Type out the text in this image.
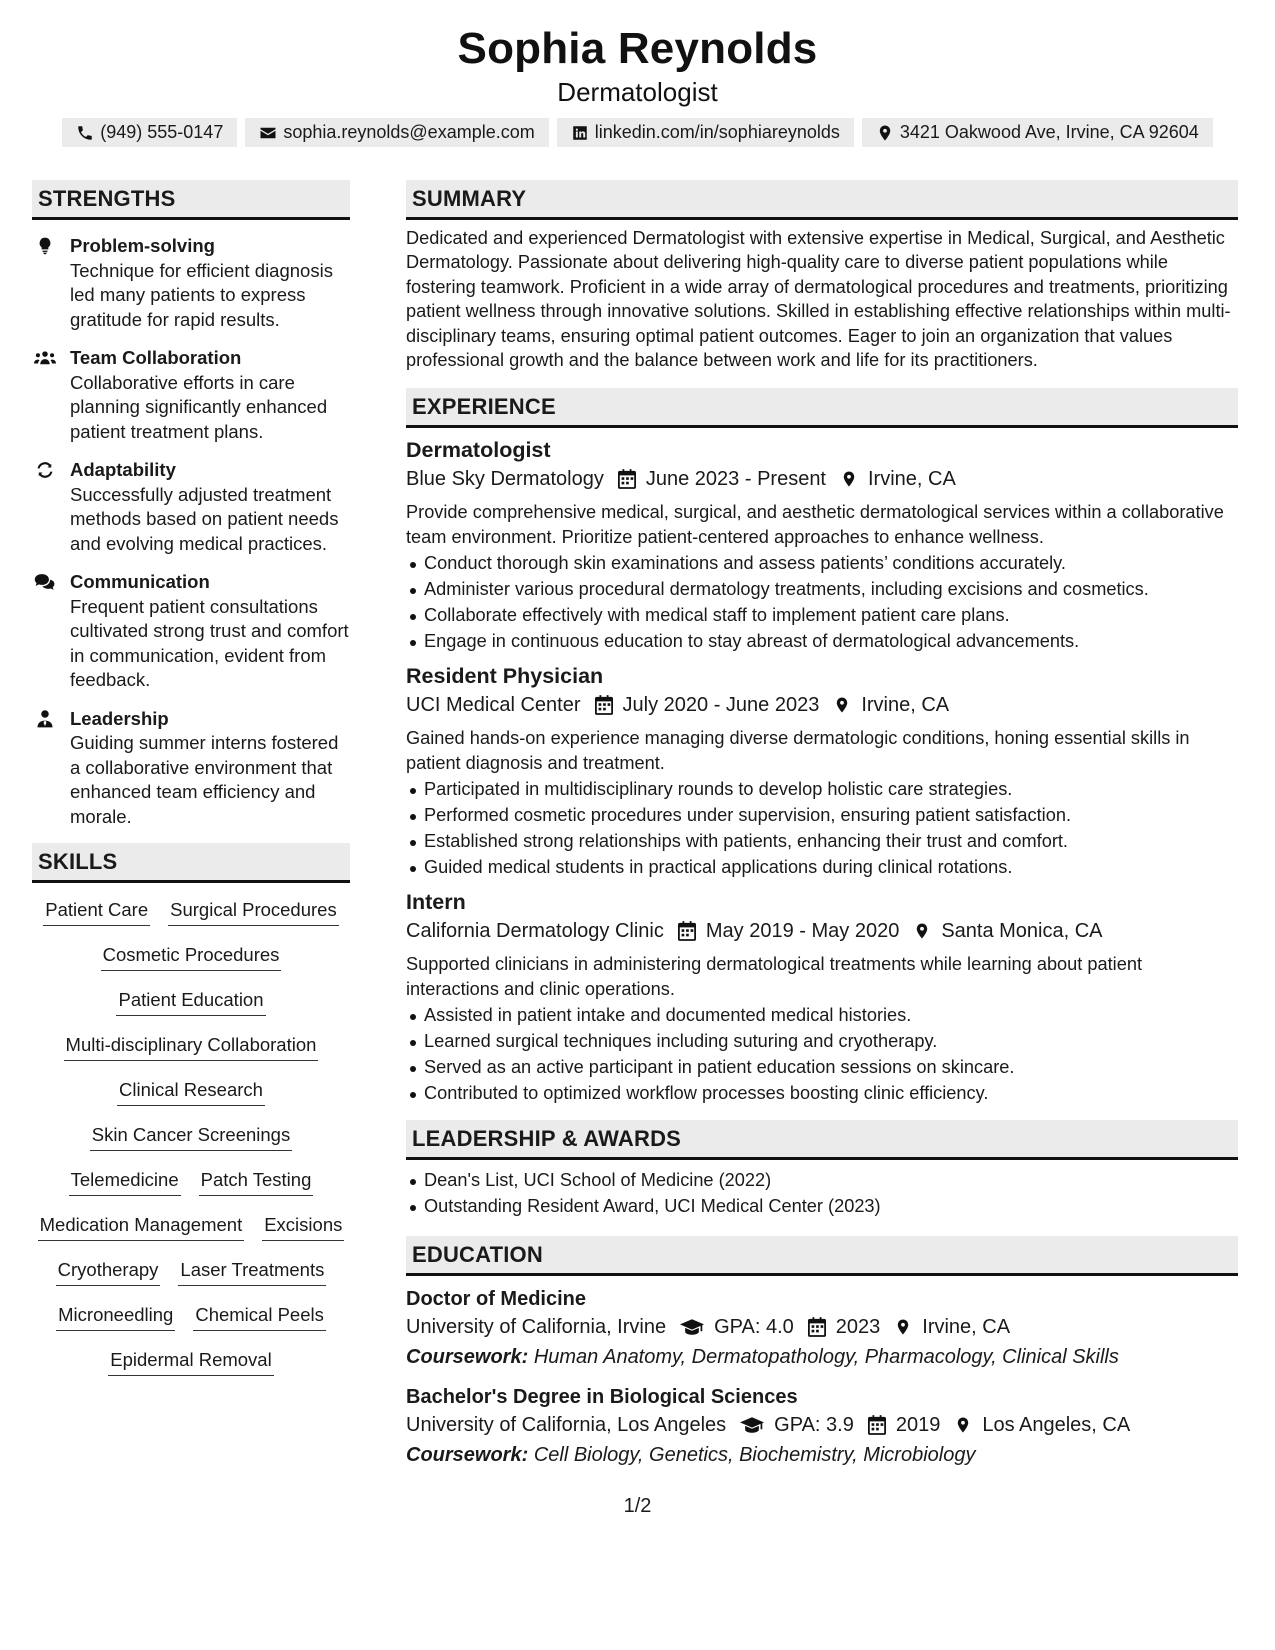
Sophia Reynolds
Dermatologist
(949) 555-0147	sophia.reynolds@example.com	linkedin.com/in/sophiareynolds	3421 Oakwood Ave, Irvine, CA 92604
STRENGTHS
Problem-solving
Technique for efficient diagnosis led many patients to express gratitude for rapid results.
Team Collaboration
Collaborative efforts in care planning significantly enhanced patient treatment plans.
Adaptability
Successfully adjusted treatment methods based on patient needs and evolving medical practices.
Communication
Frequent patient consultations cultivated strong trust and comfort in communication, evident from feedback.
Leadership
Guiding summer interns fostered a collaborative environment that enhanced team efficiency and morale.
SKILLS
Patient Care Surgical Procedures
Cosmetic Procedures
Patient Education
Multi-disciplinary Collaboration
Clinical Research
Skin Cancer Screenings
Telemedicine Patch Testing
Medication Management Excisions
Cryotherapy Laser Treatments
Microneedling Chemical Peels
Epidermal Removal
SUMMARY
Dedicated and experienced Dermatologist with extensive expertise in Medical, Surgical, and Aesthetic Dermatology. Passionate about delivering high-quality care to diverse patient populations while fostering teamwork. Proficient in a wide array of dermatological procedures and treatments, prioritizing patient wellness through innovative solutions. Skilled in establishing effective relationships within multi-disciplinary teams, ensuring optimal patient outcomes. Eager to join an organization that values professional growth and the balance between work and life for its practitioners.
EXPERIENCE
Dermatologist
Blue Sky Dermatology June 2023 - Present Irvine, CA
Provide comprehensive medical, surgical, and aesthetic dermatological services within a collaborative team environment. Prioritize patient-centered approaches to enhance wellness.
Conduct thorough skin examinations and assess patients’ conditions accurately.
Administer various procedural dermatology treatments, including excisions and cosmetics.
Collaborate effectively with medical staff to implement patient care plans.
Engage in continuous education to stay abreast of dermatological advancements.
Resident Physician
UCI Medical Center July 2020 - June 2023 Irvine, CA
Gained hands-on experience managing diverse dermatologic conditions, honing essential skills in patient diagnosis and treatment.
Participated in multidisciplinary rounds to develop holistic care strategies.
Performed cosmetic procedures under supervision, ensuring patient satisfaction.
Established strong relationships with patients, enhancing their trust and comfort.
Guided medical students in practical applications during clinical rotations.
Intern
California Dermatology Clinic May 2019 - May 2020 Santa Monica, CA
Supported clinicians in administering dermatological treatments while learning about patient interactions and clinic operations.
Assisted in patient intake and documented medical histories.
Learned surgical techniques including suturing and cryotherapy.
Served as an active participant in patient education sessions on skincare.
Contributed to optimized workflow processes boosting clinic efficiency.
LEADERSHIP & AWARDS
Dean's List, UCI School of Medicine (2022)
Outstanding Resident Award, UCI Medical Center (2023)
EDUCATION
Doctor of Medicine
University of California, Irvine GPA: 4.0 2023 Irvine, CA
Coursework: Human Anatomy, Dermatopathology, Pharmacology, Clinical Skills
Bachelor's Degree in Biological Sciences
University of California, Los Angeles GPA: 3.9 2019 Los Angeles, CA
Coursework: Cell Biology, Genetics, Biochemistry, Microbiology
1/2
